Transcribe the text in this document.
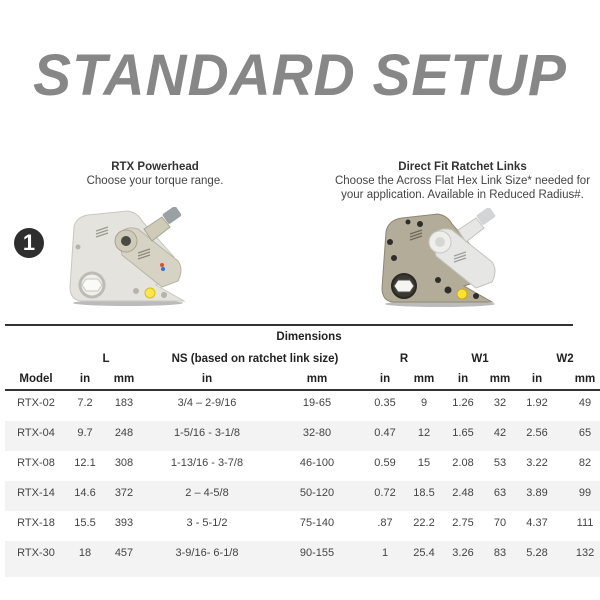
STANDARD SETUP
RTX Powerhead
Choose your torque range.
Direct Fit Ratchet Links
Choose the Across Flat Hex Link Size* needed for your application. Available in Reduced Radius#.
1
Dimensions										
	L		NS (based on ratchet link size)		R		W1		W2	
Model	in	mm	in	mm	in	mm	in	mm	in	mm
RTX-02	7.2	183	3/4 – 2-9/16	19-65	0.35	9	1.26	32	1.92	49
RTX-04	9.7	248	1-5/16 - 3-1/8	32-80	0.47	12	1.65	42	2.56	65
RTX-08	12.1	308	1-13/16 - 3-7/8	46-100	0.59	15	2.08	53	3.22	82
RTX-14	14.6	372	2 – 4-5/8	50-120	0.72	18.5	2.48	63	3.89	99
RTX-18	15.5	393	3 - 5-1/2	75-140	.87	22.2	2.75	70	4.37	111
RTX-30	18	457	3-9/16- 6-1/8	90-155	1	25.4	3.26	83	5.28	132
